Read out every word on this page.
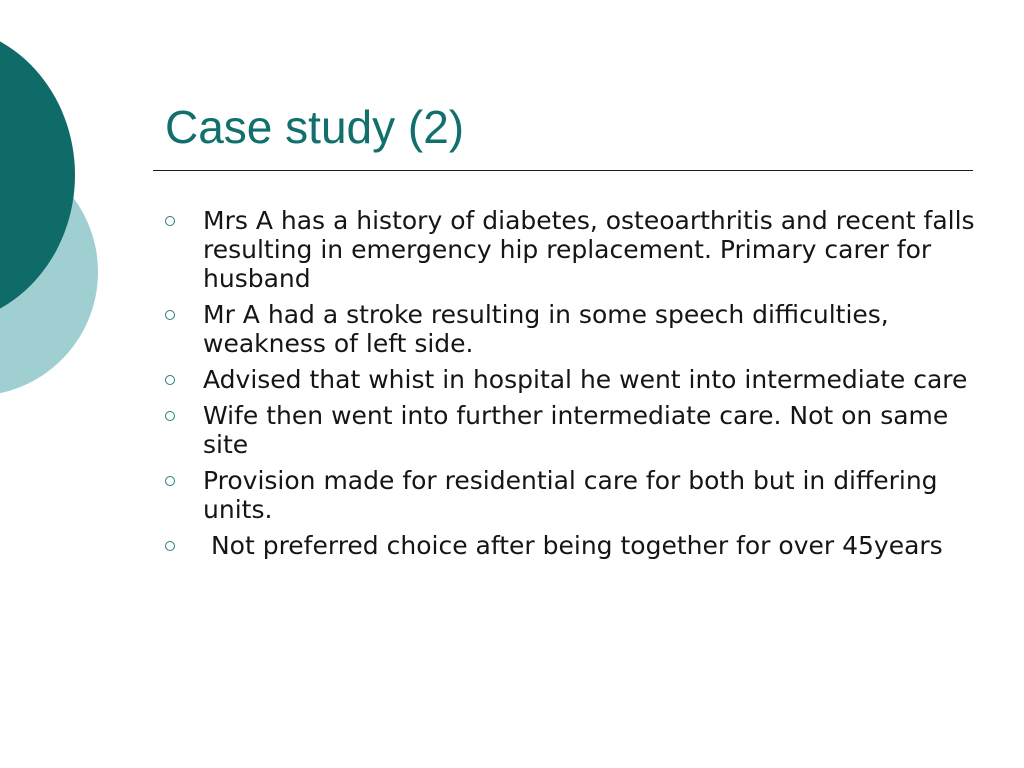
Case study (2)
Mrs A has a history of diabetes, osteoarthritis and recent falls resulting in emergency hip replacement. Primary carer for husband
Mr A had a stroke resulting in some speech difficulties, weakness of left side.
Advised that whist in hospital he went into intermediate care
Wife then went into further intermediate care. Not on same site
Provision made for residential care for both but in differing units.
Not preferred choice after being together for over 45years
